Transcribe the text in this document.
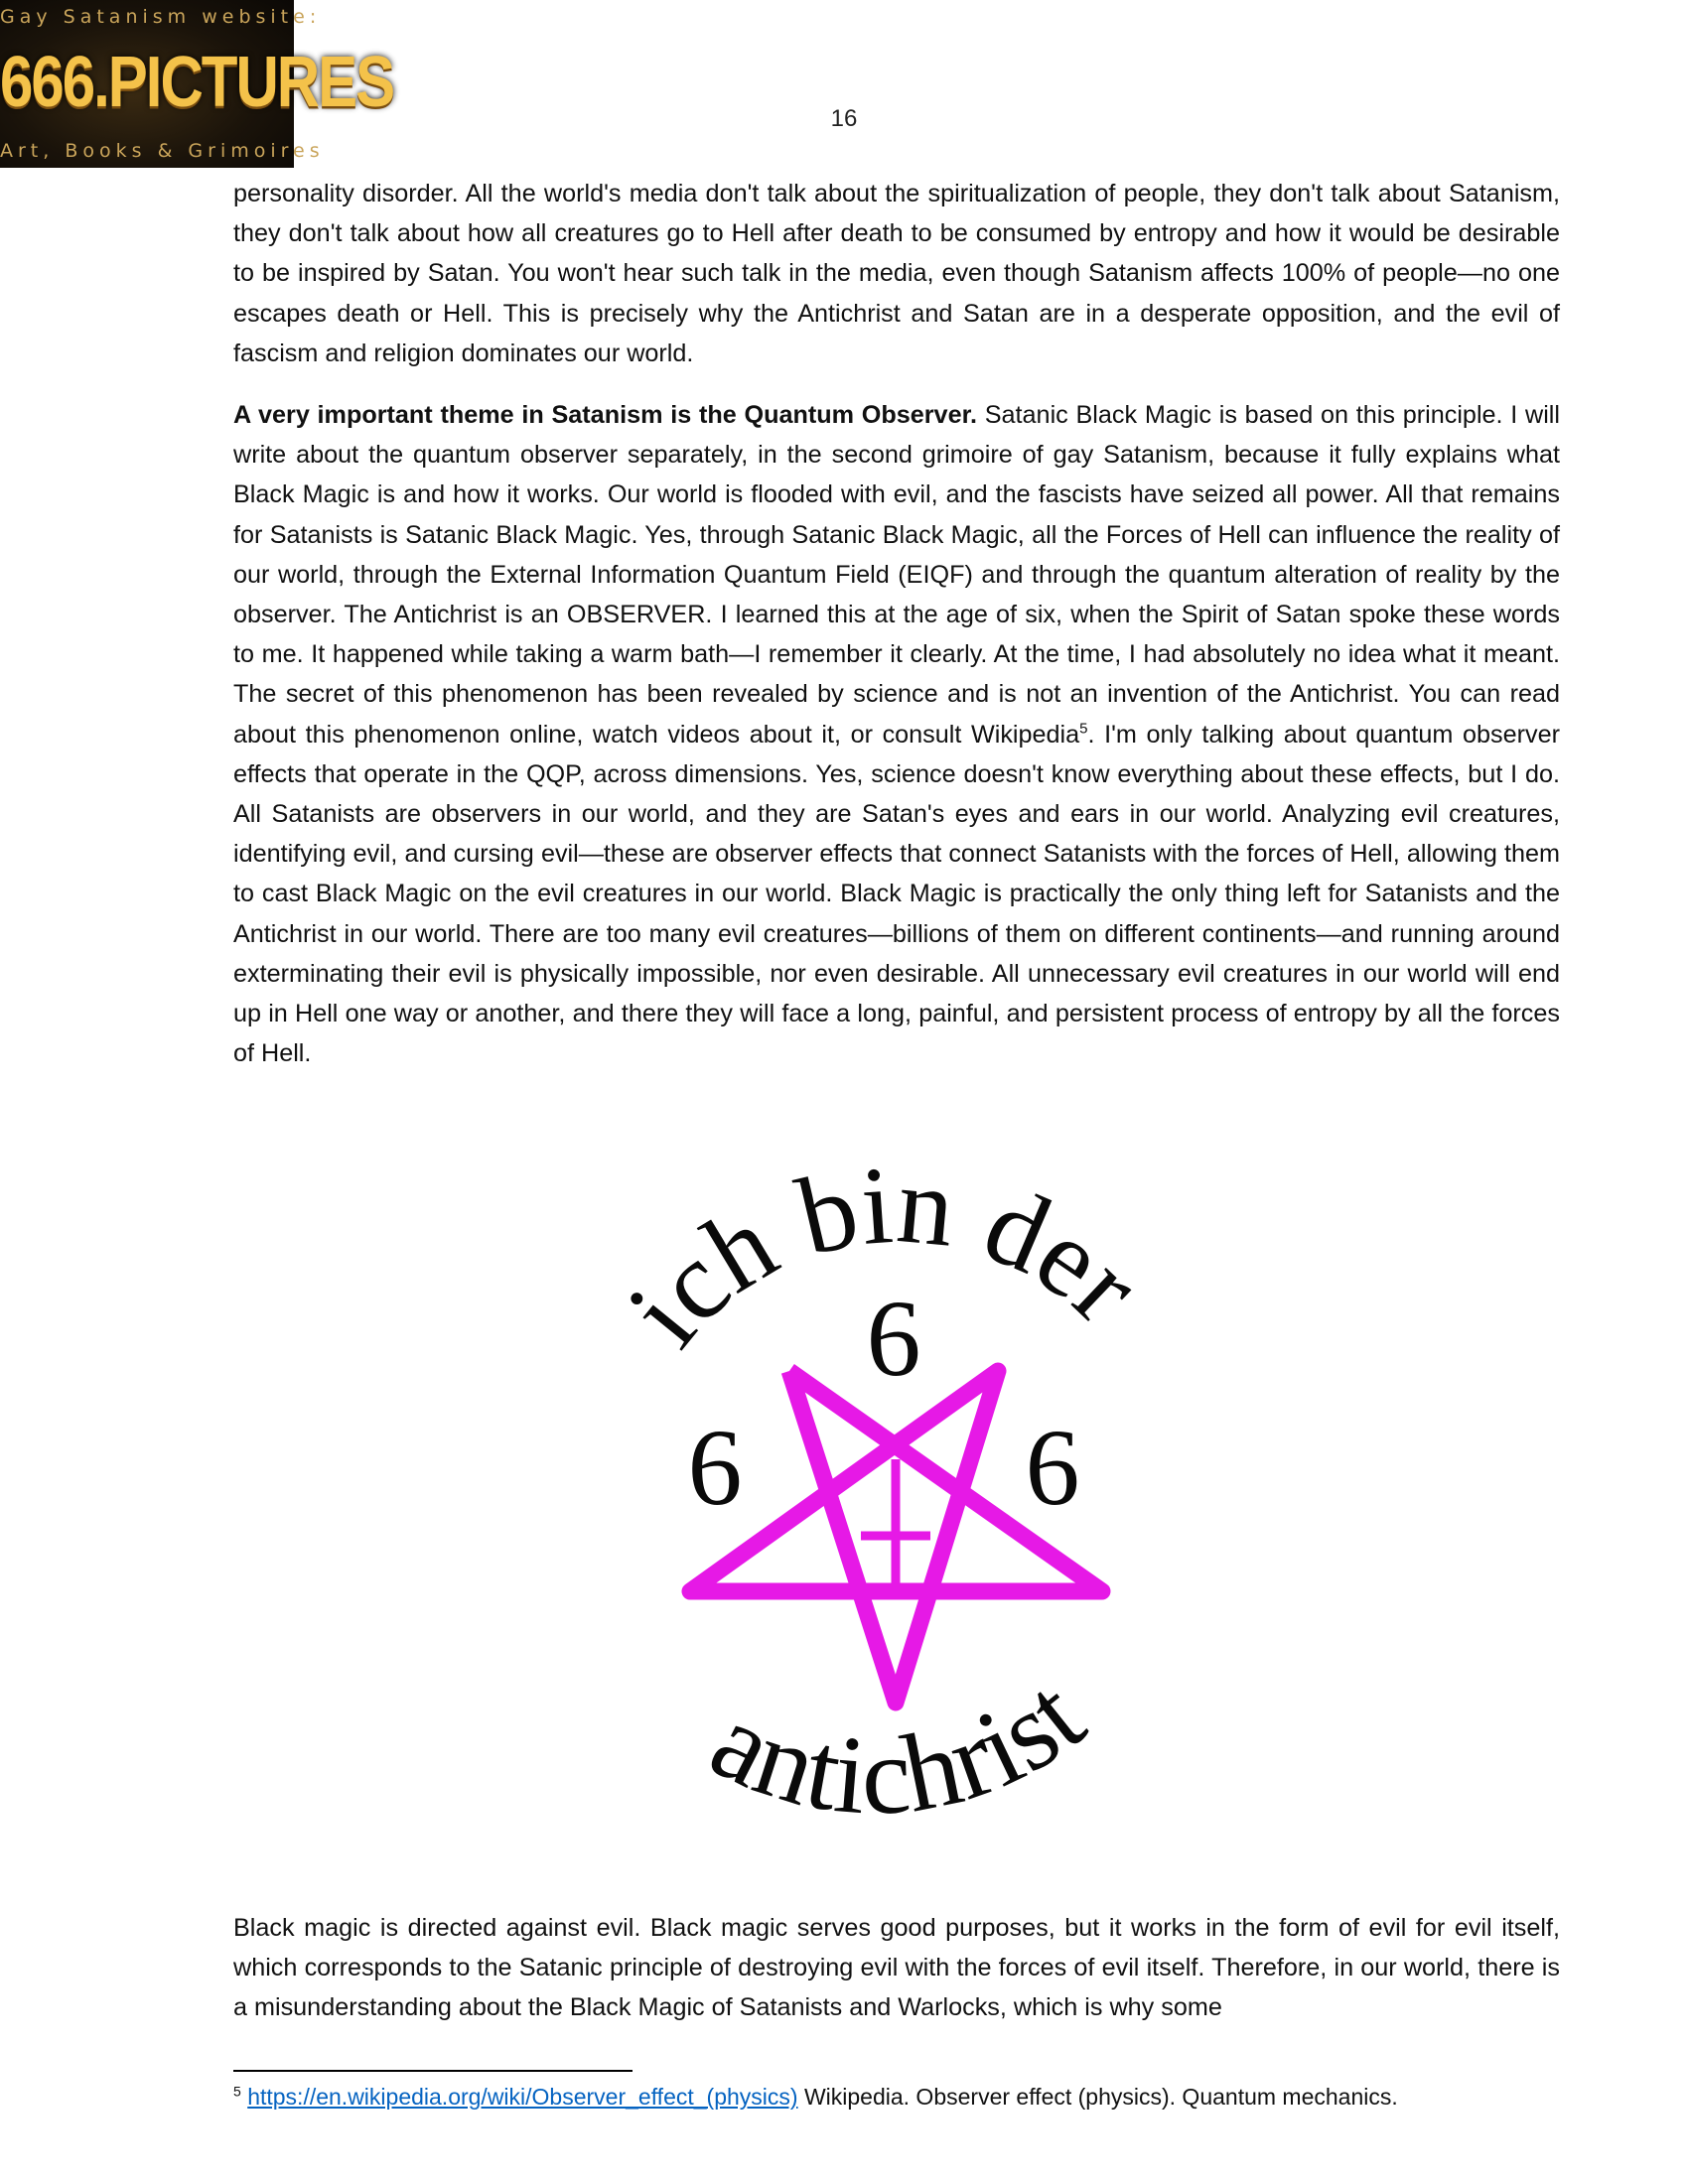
Gay Satanism website:
666.PICTURES
Art, Books & Grimoires
16

personality disorder. All the world's media don't talk about the spiritualization of people, they don't talk about Satanism, they don't talk about how all creatures go to Hell after death to be consumed by entropy and how it would be desirable to be inspired by Satan. You won't hear such talk in the media, even though Satanism affects 100% of people—no one escapes death or Hell. This is precisely why the Antichrist and Satan are in a desperate opposition, and the evil of fascism and religion dominates our world.

A very important theme in Satanism is the Quantum Observer. Satanic Black Magic is based on this principle. I will write about the quantum observer separately, in the second grimoire of gay Satanism, because it fully explains what Black Magic is and how it works. Our world is flooded with evil, and the fascists have seized all power. All that remains for Satanists is Satanic Black Magic. Yes, through Satanic Black Magic, all the Forces of Hell can influence the reality of our world, through the External Information Quantum Field (EIQF) and through the quantum alteration of reality by the observer. The Antichrist is an OBSERVER. I learned this at the age of six, when the Spirit of Satan spoke these words to me. It happened while taking a warm bath—I remember it clearly. At the time, I had absolutely no idea what it meant. The secret of this phenomenon has been revealed by science and is not an invention of the Antichrist. You can read about this phenomenon online, watch videos about it, or consult Wikipedia$^5$. I'm only talking about quantum observer effects that operate in the QQP, across dimensions. Yes, science doesn't know everything about these effects, but I do. All Satanists are observers in our world, and they are Satan's eyes and ears in our world. Analyzing evil creatures, identifying evil, and cursing evil—these are observer effects that connect Satanists with the forces of Hell, allowing them to cast Black Magic on the evil creatures in our world. Black Magic is practically the only thing left for Satanists and the Antichrist in our world. There are too many evil creatures—billions of them on different continents—and running around exterminating their evil is physically impossible, nor even desirable. All unnecessary evil creatures in our world will end up in Hell one way or another, and there they will face a long, painful, and persistent process of entropy by all the forces of Hell.

ich bin der
antichrist
6
6	6

Black magic is directed against evil. Black magic serves good purposes, but it works in the form of evil for evil itself, which corresponds to the Satanic principle of destroying evil with the forces of evil itself. Therefore, in our world, there is a misunderstanding about the Black Magic of Satanists and Warlocks, which is why some

$^5$ https://en.wikipedia.org/wiki/Observer_effect_(physics) Wikipedia. Observer effect (physics). Quantum mechanics.
